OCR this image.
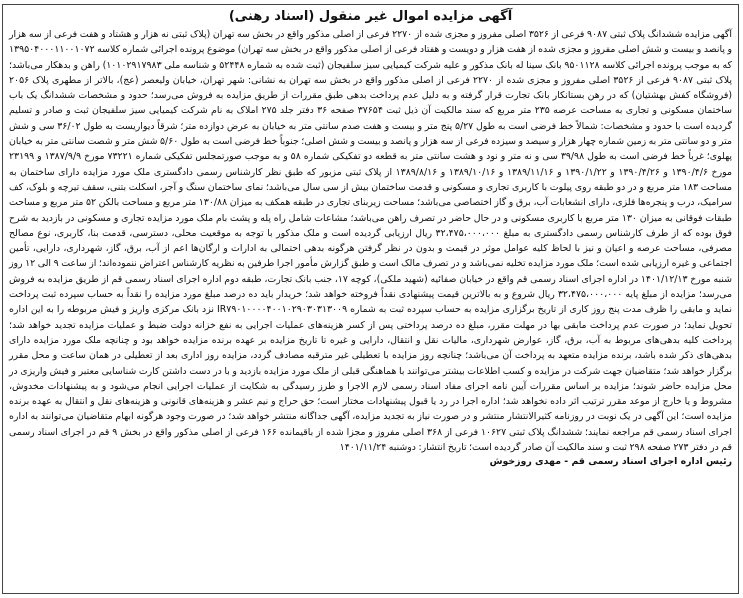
آگهی مزایده اموال غیر منقول (اسناد رهنی)

آگهی مزایده ششدانگ پلاک ثبتی ۹۰۸۷ فرعی از ۳۵۲۶ اصلی مفروز و مجزی شده از ۲۲۷۰ فرعی از اصلی مذکور واقع در بخش سه تهران (پلاک ثبتی نه هزار و هشتاد و هفت فرعی از سه هزار و پانصد و بیست و شش اصلی مفروز و مجزی شده از هفت هزار و دویست و هفتاد فرعی از اصلی مذکور واقع در بخش سه تهران) موضوع پرونده اجرائی شماره کلاسه ۱۳۹۵۰۴۰۰۰۱۱۰۰۱۰۷۲ که به موجب پرونده اجرائی کلاسه ۹۵۰۱۱۲۸ بانک سینا له بانک مذکور و علیه شرکت کیمیایی سیز سلفیجان (ثبت شده به شماره ۵۲۴۴۸ و شناسه ملی ۱۰۱۰۲۹۱۷۹۸۳) راهن و بدهکار می‌باشد؛ پلاک ثبتی ۹۰۸۷ فرعی از ۳۵۲۶ اصلی مفروز و مجزی شده از ۲۲۷۰ فرعی از اصلی مذکور واقع در بخش سه تهران به نشانی: شهر تهران، خیابان ولیعصر (عج)، بالاتر از مطهری پلاک ۲۰۵۶ (فروشگاه کفش بهشتیان) که در رهن بستانکار بانک تجارت قرار گرفته و به دلیل عدم پرداخت بدهی طبق مقررات از طریق مزایده به فروش می‌رسد؛ حدود و مشخصات ششدانگ یک باب ساختمان مسکونی و تجاری به مساحت عرصه ۲۳۵ متر مربع که سند مالکیت آن ذیل ثبت ۳۷۶۵۴ صفحه ۳۶ دفتر جلد ۲۷۵ املاک به نام شرکت کیمیایی سیز سلفیجان ثبت و صادر و تسلیم گردیده است با حدود و مشخصات: شمالاً خط فرضی است به طول ۵/۲۷ پنج متر و بیست و هفت صدم سانتی متر به خیابان به عرض دوازده متر؛ شرقاً دیواریست به طول ۳۶/۰۲ سی و شش متر و دو سانتی متر به زمین شماره چهار هزار و سیصد و سیزده فرعی از سه هزار و پانصد و بیست و شش اصلی؛ جنوباً خط فرضی است به طول ۵/۶۰ شش متر و شصت سانتی متر به خیابان پهلوی؛ غرباً خط فرضی است به طول ۳۹/۹۸ سی و نه متر و نود و هشت سانتی متر به قطعه دو تفکیکی شماره ۵۸ و به موجب صورتمجلس تفکیکی شماره ۷۳۲۲۱ مورخ ۱۳۸۷/۹/۹ و ۲۳۱۹۹ مورخ ۱۳۹۰/۴/۶ و ۱۳۹۰/۴/۲۶ و ۱۳۹۰/۱/۲۲ و ۱۳۸۹/۱۱/۱۶ و ۱۳۸۹/۱۰/۱۶ و ۱۳۸۹/۸/۱۶ از پلاک ثبتی مزبور که طبق نظر کارشناس رسمی دادگستری ملک مورد مزایده دارای ساختمان به مساحت ۱۸۳ متر مربع و در دو طبقه روی پیلوت با کاربری تجاری و مسکونی و قدمت ساختمان بیش از سی سال می‌باشد؛ نمای ساختمان سنگ و آجر، اسکلت بتنی، سقف تیرچه و بلوک، کف سرامیک، درب و پنجره‌ها فلزی، دارای انشعابات آب، برق و گاز اختصاصی می‌باشد؛ مساحت زیربنای تجاری در طبقه همکف به میزان ۱۳۰/۸۸ متر مربع و مساحت بالکن ۵۲ متر مربع و مساحت طبقات فوقانی به میزان ۱۳۰ متر مربع با کاربری مسکونی و در حال حاضر در تصرف راهن می‌باشد؛ مشاعات شامل راه پله و پشت بام ملک مورد مزایده تجاری و مسکونی در بازدید به شرح فوق بوده که از طرف کارشناس رسمی دادگستری به مبلغ ۳۲،۴۷۵،۰۰۰،۰۰۰ ریال ارزیابی گردیده است و ملک مذکور با توجه به موقعیت محلی، دسترسی، قدمت بنا، کاربری، نوع مصالح مصرفی، مساحت عرصه و اعیان و نیز با لحاظ کلیه عوامل موثر در قیمت و بدون در نظر گرفتن هرگونه بدهی احتمالی به ادارات و ارگان‌ها اعم از آب، برق، گاز، شهرداری، دارایی، تأمین اجتماعی و غیره ارزیابی شده است؛ ملک مورد مزایده تخلیه نمی‌باشد و در تصرف مالک است و طبق گزارش مأمور اجرا طرفین به نظریه کارشناس اعتراض ننموده‌اند؛ از ساعت ۹ الی ۱۲ روز شنبه مورخ ۱۴۰۱/۱۲/۱۳ در اداره اجرای اسناد رسمی قم واقع در خیابان صفائیه (شهید ملکی)، کوچه ۱۷، جنب بانک تجارت، طبقه دوم اداره اجرای اسناد رسمی قم از طریق مزایده به فروش می‌رسد؛ مزایده از مبلغ پایه ۳۲،۴۷۵،۰۰۰،۰۰۰ ریال شروع و به بالاترین قیمت پیشنهادی نقداً فروخته خواهد شد؛ خریدار باید ده درصد مبلغ مورد مزایده را نقداً به حساب سپرده ثبت پرداخت نماید و مابقی را ظرف مدت پنج روز کاری از تاریخ برگزاری مزایده به حساب سپرده ثبت به شماره IR۷۹۰۱۰۰۰۰۴۰۰۱۰۲۹۰۳۰۳۱۳۰۰۹ نزد بانک مرکزی واریز و فیش مربوطه را به این اداره تحویل نماید؛ در صورت عدم پرداخت مابقی بها در مهلت مقرر، مبلغ ده درصد پرداختی پس از کسر هزینه‌های عملیات اجرایی به نفع خزانه دولت ضبط و عملیات مزایده تجدید خواهد شد؛ پرداخت کلیه بدهی‌های مربوط به آب، برق، گاز، عوارض شهرداری، مالیات نقل و انتقال، دارایی و غیره تا تاریخ مزایده بر عهده برنده مزایده خواهد بود و چنانچه ملک مورد مزایده دارای بدهی‌های ذکر شده باشد، برنده مزایده متعهد به پرداخت آن می‌باشد؛ چنانچه روز مزایده با تعطیلی غیر مترقبه مصادف گردد، مزایده روز اداری بعد از تعطیلی در همان ساعت و محل مقرر برگزار خواهد شد؛ متقاضیان جهت شرکت در مزایده و کسب اطلاعات بیشتر می‌توانند با هماهنگی قبلی از ملک مورد مزایده بازدید و با در دست داشتن کارت شناسایی معتبر و فیش واریزی در محل مزایده حاضر شوند؛ مزایده بر اساس مقررات آیین نامه اجرای مفاد اسناد رسمی لازم الاجرا و طرز رسیدگی به شکایت از عملیات اجرایی انجام می‌شود و به پیشنهادات مخدوش، مشروط و یا خارج از موعد مقرر ترتیب اثر داده نخواهد شد؛ اداره اجرا در رد یا قبول پیشنهادات مختار است؛ حق حراج و نیم عشر و هزینه‌های قانونی و هزینه‌های نقل و انتقال به عهده برنده مزایده است؛ این آگهی در یک نوبت در روزنامه کثیرالانتشار منتشر و در صورت نیاز به تجدید مزایده، آگهی جداگانه منتشر خواهد شد؛ در صورت وجود هرگونه ابهام متقاضیان می‌توانند به اداره اجرای اسناد رسمی قم مراجعه نمایند؛ ششدانگ پلاک ثبتی ۱۰۶۲۷ فرعی از ۳۶۸ اصلی مفروز و مجزا شده از باقیمانده ۱۶۶ فرعی از اصلی مذکور واقع در بخش ۹ قم در اجرای اسناد رسمی قم در دفتر ۲۷۳ صفحه ۲۹۸ ثبت و سند مالکیت آن صادر گردیده است؛ تاریخ انتشار: دوشنبه ۱۴۰۱/۱۱/۲۴

رئیس اداره اجرای اسناد رسمی قم - مهدی روزخوش
